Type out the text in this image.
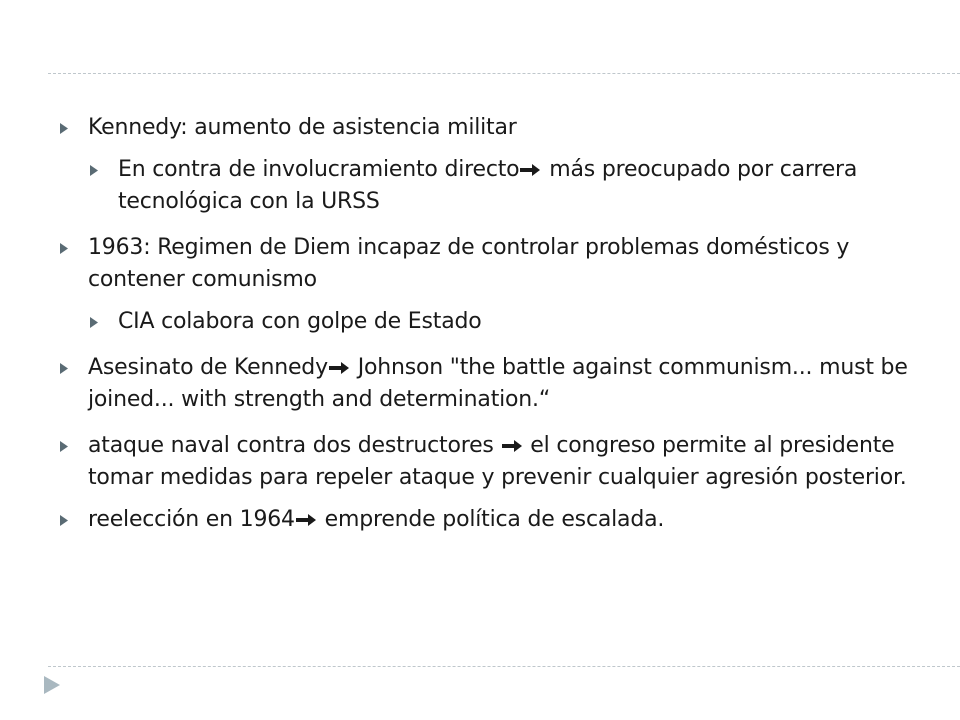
Kennedy: aumento de asistencia militar
En contra de involucramiento directo más preocupado por carrera tecnológica con la URSS
1963: Regimen de Diem incapaz de controlar problemas domésticos y contener comunismo
CIA colabora con golpe de Estado
Asesinato de Kennedy Johnson "the battle against communism... must be joined... with strength and determination.“
ataque naval contra dos destructores  el congreso permite al presidente tomar medidas para repeler ataque y prevenir cualquier agresión posterior.
reelección en 1964 emprende política de escalada.
